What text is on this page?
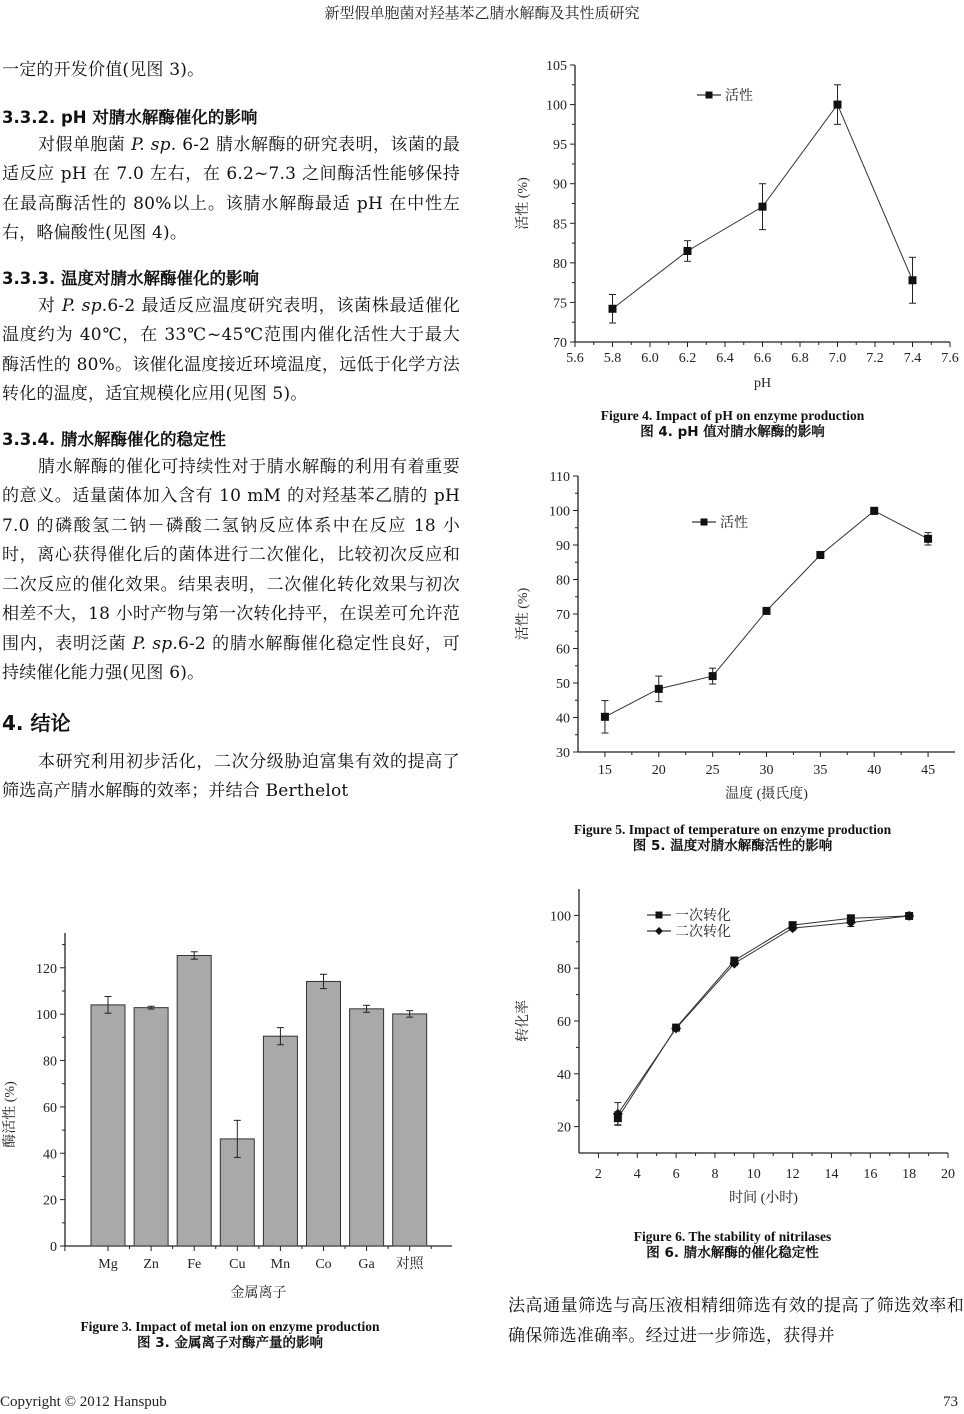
新型假单胞菌对羟基苯乙腈水解酶及其性质研究

一定的开发价值(见图 3)。

3.3.2. pH 对腈水解酶催化的影响

对假单胞菌 P. sp. 6-2 腈水解酶的研究表明，该菌的最适反应 pH 在 7.0 左右，在 6.2~7.3 之间酶活性能够保持在最高酶活性的 80%以上。该腈水解酶最适 pH 在中性左右，略偏酸性(见图 4)。

3.3.3. 温度对腈水解酶催化的影响

对 P. sp.6-2 最适反应温度研究表明，该菌株最适催化温度约为 40℃，在 33℃~45℃范围内催化活性大于最大酶活性的 80%。该催化温度接近环境温度，远低于化学方法转化的温度，适宜规模化应用(见图 5)。

3.3.4. 腈水解酶催化的稳定性

腈水解酶的催化可持续性对于腈水解酶的利用有着重要的意义。适量菌体加入含有 10 mM 的对羟基苯乙腈的 pH 7.0 的磷酸氢二钠－磷酸二氢钠反应体系中在反应 18 小时，离心获得催化后的菌体进行二次催化，比较初次反应和二次反应的催化效果。结果表明，二次催化转化效果与初次相差不大，18 小时产物与第一次转化持平，在误差可允许范围内，表明泛菌 P. sp.6-2 的腈水解酶催化稳定性良好，可持续催化能力强(见图 6)。

4. 结论

本研究利用初步活化，二次分级胁迫富集有效的提高了筛选高产腈水解酶的效率；并结合 Berthelot

70
75
80
85
90
95
100
105
5.6 5.8 6.0 6.2 6.4 6.6 6.8 7.0 7.2 7.4 7.6
pH
活性 (%)
活性
Figure 4. Impact of pH on enzyme production
图 4. pH 值对腈水解酶的影响
30
40
50
60
70
80
90
100
110
15	20	25	30	35	40	45
温度 (摄氏度)
活性 (%)
活性
Figure 5. Impact of temperature on enzyme production
图 5. 温度对腈水解酶活性的影响
20
40
60
80
100
2 4 6 8 10 12 14 16 18 20
时间 (小时)
转化率
一次转化
二次转化
Figure 6. The stability of nitrilases
图 6. 腈水解酶的催化稳定性
0
20
40
60
80
100
120
Mg Zn Fe Cu Mn Co Ga 对照
金属离子
酶活性 (%)
Figure 3. Impact of metal ion on enzyme production
图 3. 金属离子对酶产量的影响

法高通量筛选与高压液相精细筛选有效的提高了筛选效率和确保筛选准确率。经过进一步筛选，获得并

Copyright © 2012 Hanspub	73
